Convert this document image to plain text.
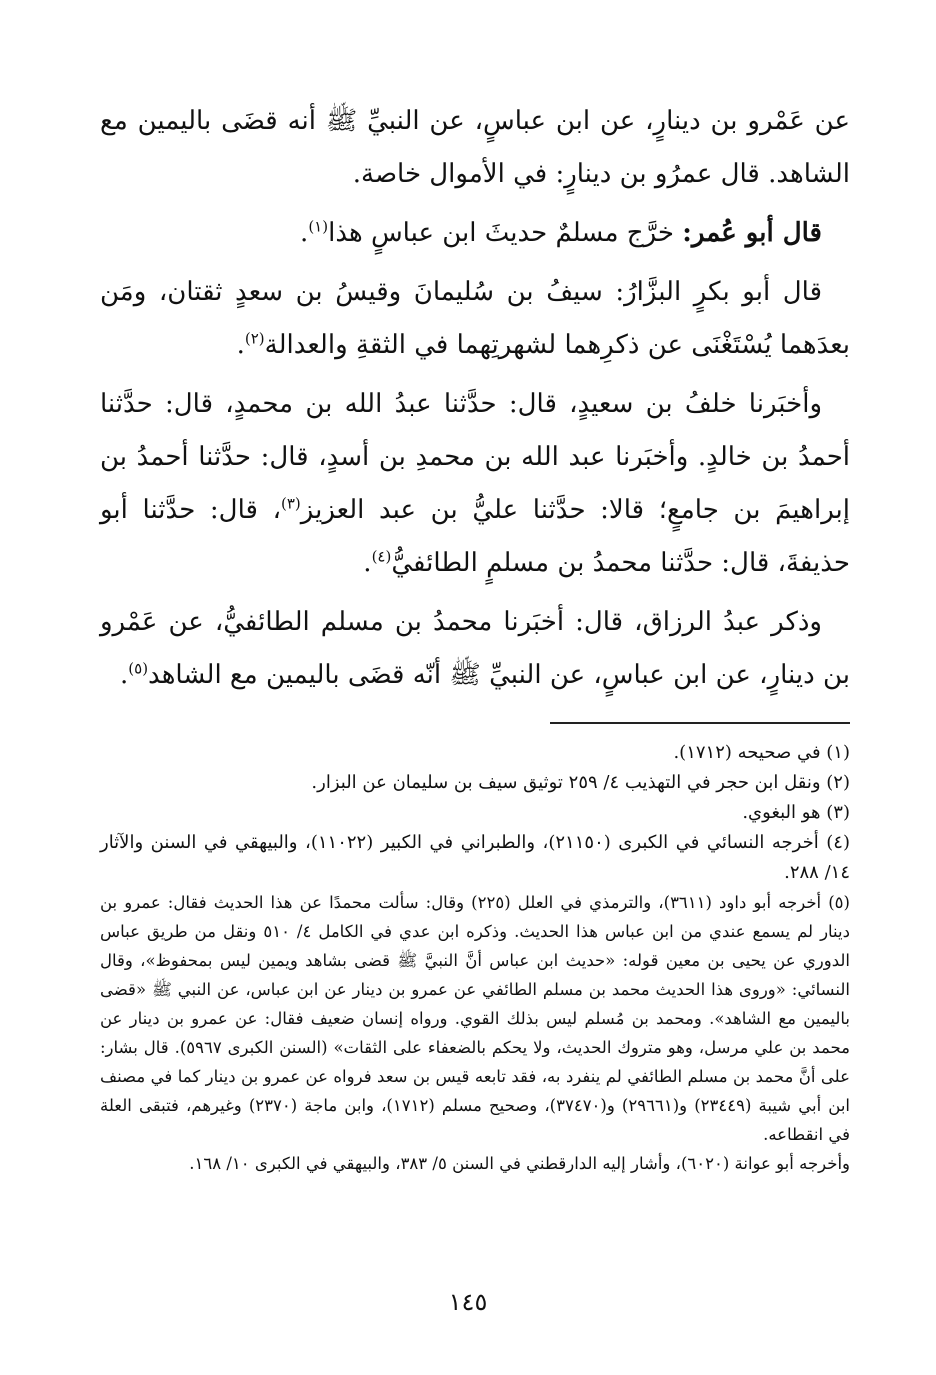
عن عَمْرو بن دينارٍ، عن ابن عباسٍ، عن النبيِّ ﷺ أنه قضَى باليمين مع الشاهد. قال عمرُو بن دينارٍ: في الأموال خاصة.

قال أبو عُمر: خرَّج مسلمٌ حديثَ ابن عباسٍ هذا$^{(١)}$.

قال أبو بكرٍ البزَّارُ: سيفُ بن سُليمانَ وقيسُ بن سعدٍ ثقتان، ومَن بعدَهما يُسْتَغْنَى عن ذكرِهما لشهرتِهما في الثقةِ والعدالة$^{(٢)}$.

وأخبَرنا خلفُ بن سعيدٍ، قال: حدَّثنا عبدُ الله بن محمدٍ، قال: حدَّثنا أحمدُ بن خالدٍ. وأخبَرنا عبد الله بن محمدِ بن أسدٍ، قال: حدَّثنا أحمدُ بن إبراهيمَ بن جامعٍ؛ قالا: حدَّثنا عليُّ بن عبد العزيز$^{(٣)}$، قال: حدَّثنا أبو حذيفةَ، قال: حدَّثنا محمدُ بن مسلمٍ الطائفيُّ$^{(٤)}$.

وذكر عبدُ الرزاق، قال: أخبَرنا محمدُ بن مسلم الطائفيُّ، عن عَمْرو بن دينارٍ، عن ابن عباسٍ، عن النبيِّ ﷺ أنّه قضَى باليمين مع الشاهد$^{(٥)}$.

(١) في صحيحه (١٧١٢).

(٢) ونقل ابن حجر في التهذيب ٤/ ٢٥٩ توثيق سيف بن سليمان عن البزار.

(٣) هو البغوي.

(٤) أخرجه النسائي في الكبرى (٢١١٥٠)، والطبراني في الكبير (١١٠٢٢)، والبيهقي في السنن والآثار ١٤/ ٢٨٨.

(٥) أخرجه أبو داود (٣٦١١)، والترمذي في العلل (٢٢٥) وقال: سألت محمدًا عن هذا الحديث فقال: عمرو بن دينار لم يسمع عندي من ابن عباس هذا الحديث. وذكره ابن عدي في الكامل ٤/ ٥١٠ ونقل من طريق عباس الدوري عن يحيى بن معين قوله: «حديث ابن عباس أنَّ النبيَّ ﷺ قضى بشاهد ويمين ليس بمحفوظ»، وقال النسائي: «وروى هذا الحديث محمد بن مسلم الطائفي عن عمرو بن دينار عن ابن عباس، عن النبي ﷺ «قضى باليمين مع الشاهد». ومحمد بن مُسلم ليس بذلك القوي. ورواه إنسان ضعيف فقال: عن عمرو بن دينار عن محمد بن علي مرسل، وهو متروك الحديث، ولا يحكم بالضعفاء على الثقات» (السنن الكبرى ٥٩٦٧). قال بشار: على أنَّ محمد بن مسلم الطائفي لم ينفرد به، فقد تابعه قيس بن سعد فرواه عن عمرو بن دينار كما في مصنف ابن أبي شيبة (٢٣٤٤٩) و(٢٩٦٦١) و(٣٧٤٧٠)، وصحيح مسلم (١٧١٢)، وابن ماجة (٢٣٧٠) وغيرهم، فتبقى العلة في انقطاعه.

وأخرجه أبو عوانة (٦٠٢٠)، وأشار إليه الدارقطني في السنن ٥/ ٣٨٣، والبيهقي في الكبرى ١٠/ ١٦٨.

١٤٥
